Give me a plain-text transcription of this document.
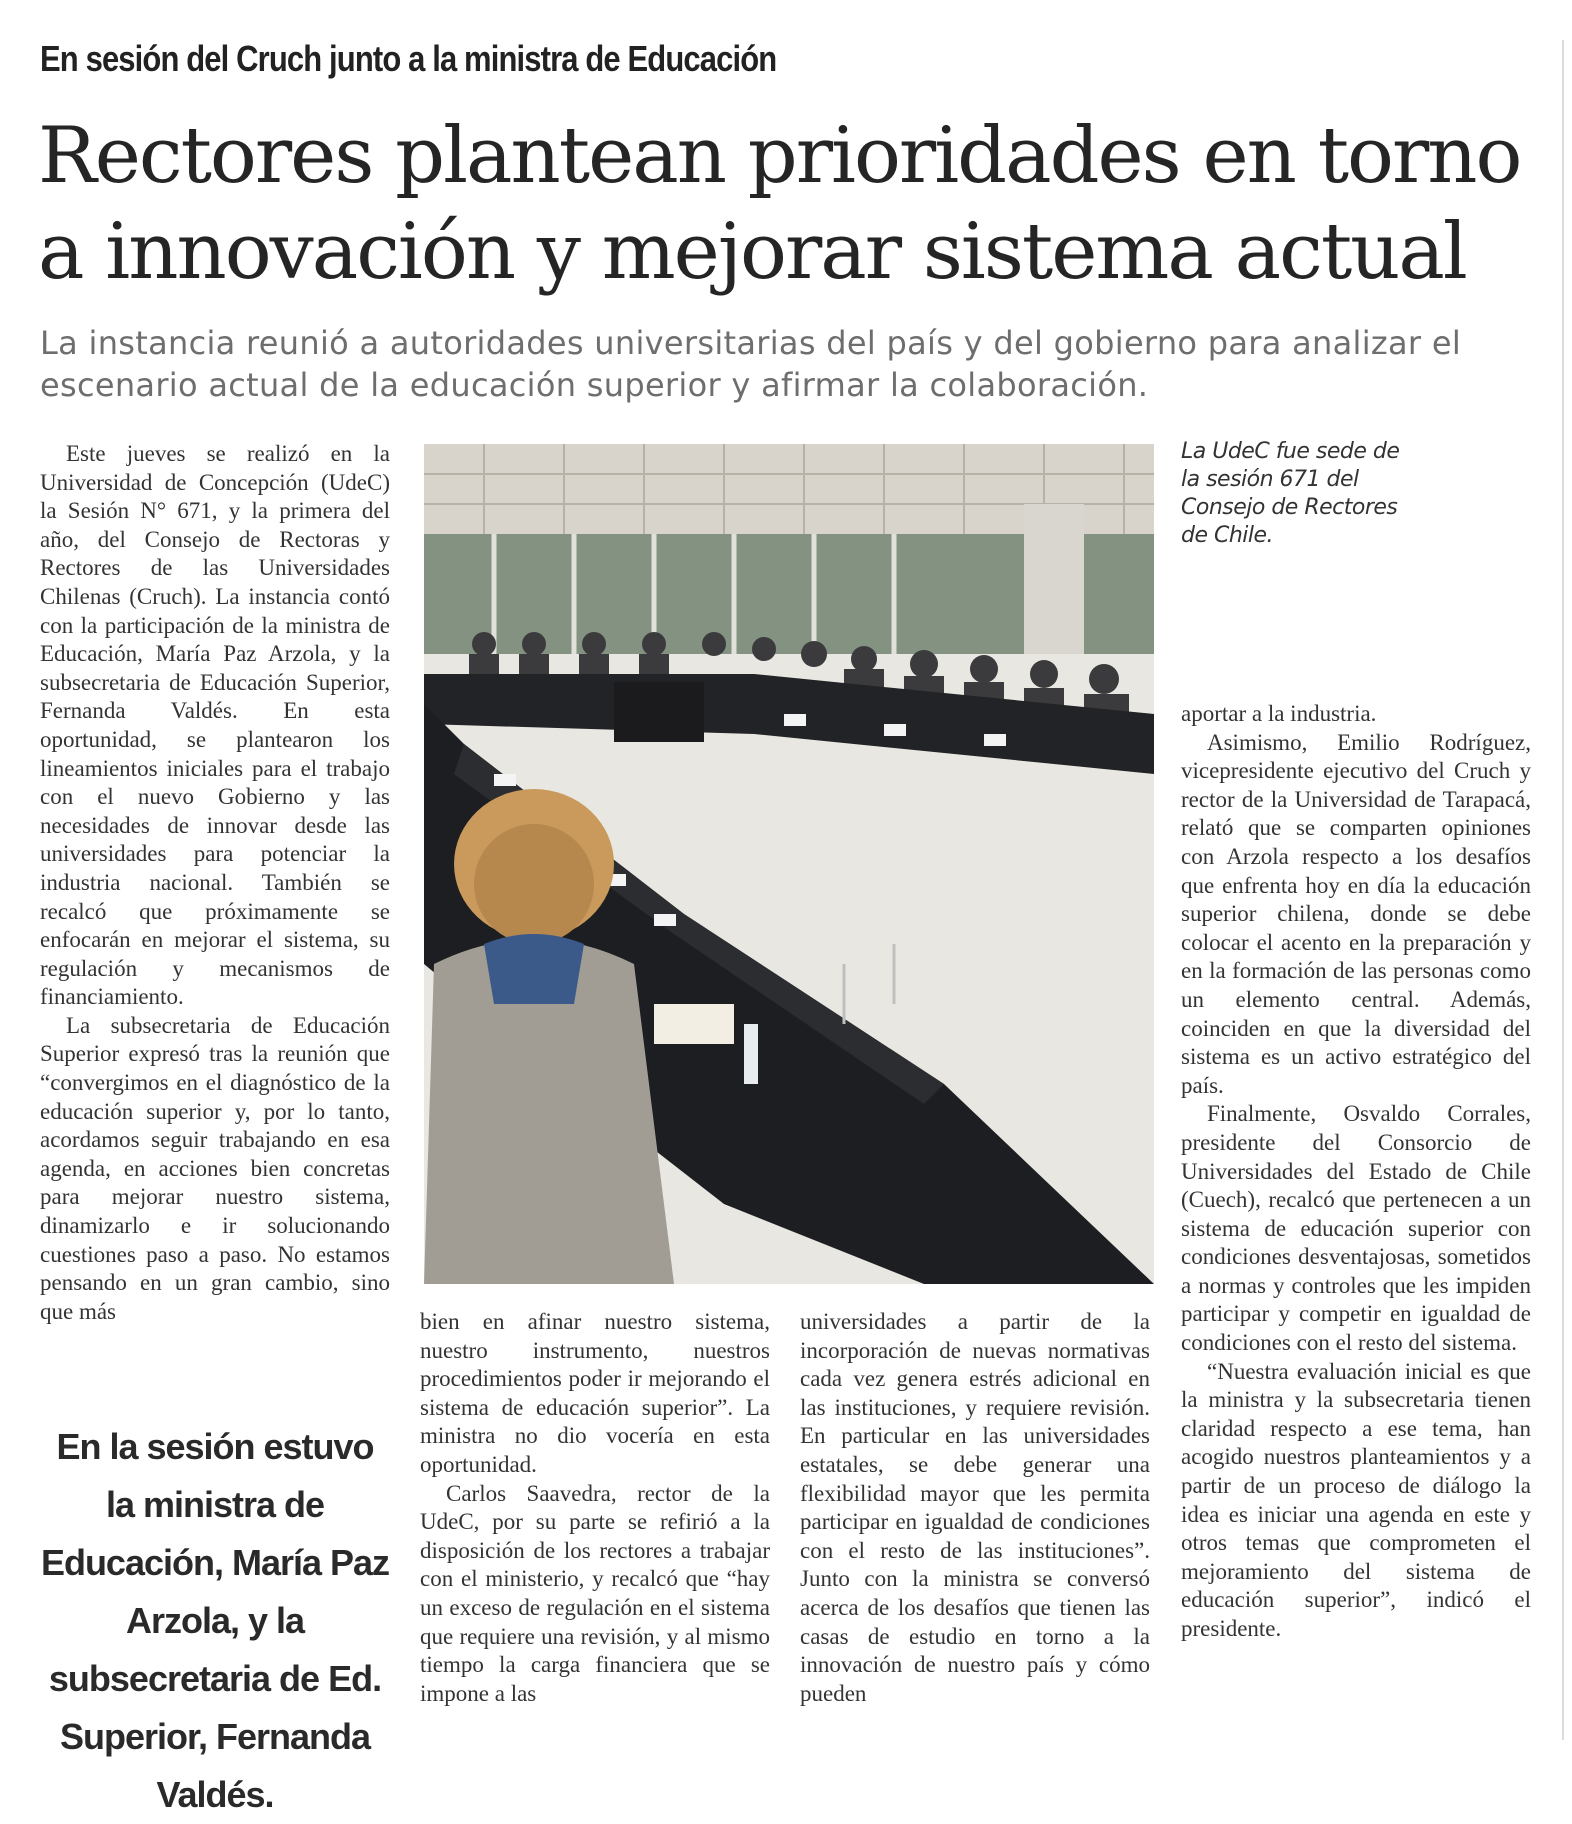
En sesión del Cruch junto a la ministra de Educación
Rectores plantean prioridades en torno a innovación y mejorar sistema actual
La instancia reunió a autoridades universitarias del país y del gobierno para analizar el escenario actual de la educación superior y afirmar la colaboración.

Este jueves se realizó en la Universidad de Concepción (UdeC) la Sesión N° 671, y la primera del año, del Consejo de Rectoras y Rectores de las Universidades Chilenas (Cruch). La instancia contó con la participación de la ministra de Educación, María Paz Arzola, y la subsecretaria de Educación Superior, Fernanda Valdés. En esta oportunidad, se plantearon los lineamientos iniciales para el trabajo con el nuevo Gobierno y las necesidades de innovar desde las universidades para potenciar la industria nacional. También se recalcó que próximamente se enfocarán en mejorar el sistema, su regulación y mecanismos de financiamiento.

La subsecretaria de Educación Superior expresó tras la reunión que “convergimos en el diagnóstico de la educación superior y, por lo tanto, acordamos seguir trabajando en esa agenda, en acciones bien concretas para mejorar nuestro sistema, dinamizarlo e ir solucionando cuestiones paso a paso. No estamos pensando en un gran cambio, sino que más

La UdeC fue sede de la sesión 671 del Consejo de Rectores de Chile.

bien en afinar nuestro sistema, nuestro instrumento, nuestros procedimientos poder ir mejorando el sistema de educación superior”. La ministra no dio vocería en esta oportunidad.

Carlos Saavedra, rector de la UdeC, por su parte se refirió a la disposición de los rectores a trabajar con el ministerio, y recalcó que “hay un exceso de regulación en el sistema que requiere una revisión, y al mismo tiempo la carga financiera que se impone a las

universidades a partir de la incorporación de nuevas normativas cada vez genera estrés adicional en las instituciones, y requiere revisión. En particular en las universidades estatales, se debe generar una flexibilidad mayor que les permita participar en igualdad de condiciones con el resto de las instituciones”. Junto con la ministra se conversó acerca de los desafíos que tienen las casas de estudio en torno a la innovación de nuestro país y cómo pueden

aportar a la industria.

Asimismo, Emilio Rodríguez, vicepresidente ejecutivo del Cruch y rector de la Universidad de Tarapacá, relató que se comparten opiniones con Arzola respecto a los desafíos que enfrenta hoy en día la educación superior chilena, donde se debe colocar el acento en la preparación y en la formación de las personas como un elemento central. Además, coinciden en que la diversidad del sistema es un activo estratégico del país.

Finalmente, Osvaldo Corrales, presidente del Consorcio de Universidades del Estado de Chile (Cuech), recalcó que pertenecen a un sistema de educación superior con condiciones desventajosas, sometidos a normas y controles que les impiden participar y competir en igualdad de condiciones con el resto del sistema.

“Nuestra evaluación inicial es que la ministra y la subsecretaria tienen claridad respecto a ese tema, han acogido nuestros planteamientos y a partir de un proceso de diálogo la idea es iniciar una agenda en este y otros temas que comprometen el mejoramiento del sistema de educación superior”, indicó el presidente.

En la sesión estuvo la ministra de Educación, María Paz Arzola, y la subsecretaria de Ed. Superior, Fernanda Valdés.
